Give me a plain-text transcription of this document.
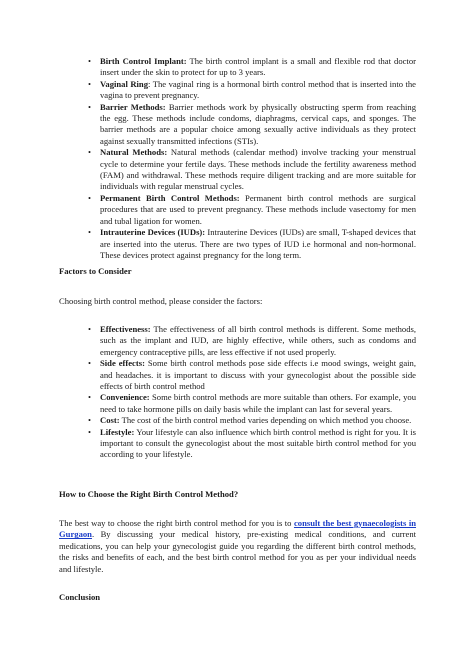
• Birth Control Implant: The birth control implant is a small and flexible rod that doctor insert under the skin to protect for up to 3 years.
• Vaginal Ring: The vaginal ring is a hormonal birth control method that is inserted into the vagina to prevent pregnancy.
• Barrier Methods: Barrier methods work by physically obstructing sperm from reaching the egg. These methods include condoms, diaphragms, cervical caps, and sponges. The barrier methods are a popular choice among sexually active individuals as they protect against sexually transmitted infections (STIs).
• Natural Methods: Natural methods (calendar method) involve tracking your menstrual cycle to determine your fertile days. These methods include the fertility awareness method (FAM) and withdrawal. These methods require diligent tracking and are more suitable for individuals with regular menstrual cycles.
• Permanent Birth Control Methods: Permanent birth control methods are surgical procedures that are used to prevent pregnancy. These methods include vasectomy for men and tubal ligation for women.
• Intrauterine Devices (IUDs): Intrauterine Devices (IUDs) are small, T-shaped devices that are inserted into the uterus. There are two types of IUD i.e hormonal and non-hormonal. These devices protect against pregnancy for the long term.

Factors to Consider

Choosing birth control method, please consider the factors:

• Effectiveness: The effectiveness of all birth control methods is different. Some methods, such as the implant and IUD, are highly effective, while others, such as condoms and emergency contraceptive pills, are less effective if not used properly.
• Side effects: Some birth control methods pose side effects i.e mood swings, weight gain, and headaches. it is important to discuss with your gynecologist about the possible side effects of birth control method
• Convenience: Some birth control methods are more suitable than others. For example, you need to take hormone pills on daily basis while the implant can last for several years.
• Cost: The cost of the birth control method varies depending on which method you choose.
• Lifestyle: Your lifestyle can also influence which birth control method is right for you. It is important to consult the gynecologist about the most suitable birth control method for you according to your lifestyle.

How to Choose the Right Birth Control Method?

The best way to choose the right birth control method for you is to consult the best gynaecologists in Gurgaon. By discussing your medical history, pre-existing medical conditions, and current medications, you can help your gynecologist guide you regarding the different birth control methods, the risks and benefits of each, and the best birth control method for you as per your individual needs and lifestyle.

Conclusion
